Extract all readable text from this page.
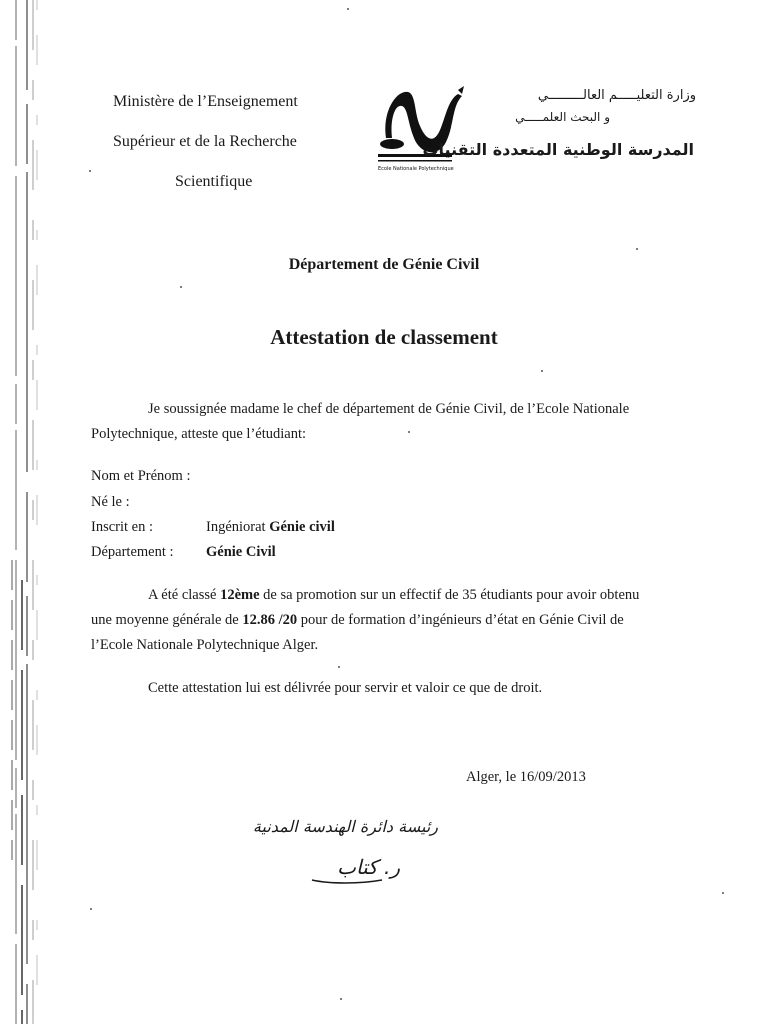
Ministère de l’Enseignement
Supérieur et de la Recherche
Scientifique
Ecole Nationale Polytechnique
وزارة التعليـــــم العالـــــــــي
و البحث العلمـــــي
المدرسة الوطنية المتعددة التقنيات
Département de Génie Civil
Attestation de classement
Je soussignée madame le chef de département de Génie Civil, de l’Ecole Nationale
Polytechnique, atteste que l’étudiant:
Nom et Prénom :
Né le :
Inscrit en :	Ingéniorat Génie civil
Département : Génie Civil
A été classé 12ème de sa promotion sur un effectif de 35 étudiants pour avoir obtenu
une moyenne générale de 12.86 /20 pour de formation d’ingénieurs d’état en Génie Civil de
l’Ecole Nationale Polytechnique Alger.
Cette attestation lui est délivrée pour servir et valoir ce que de droit.
Alger, le 16/09/2013
رئيسة دائرة الهندسة المدنية
ر. كتاب
